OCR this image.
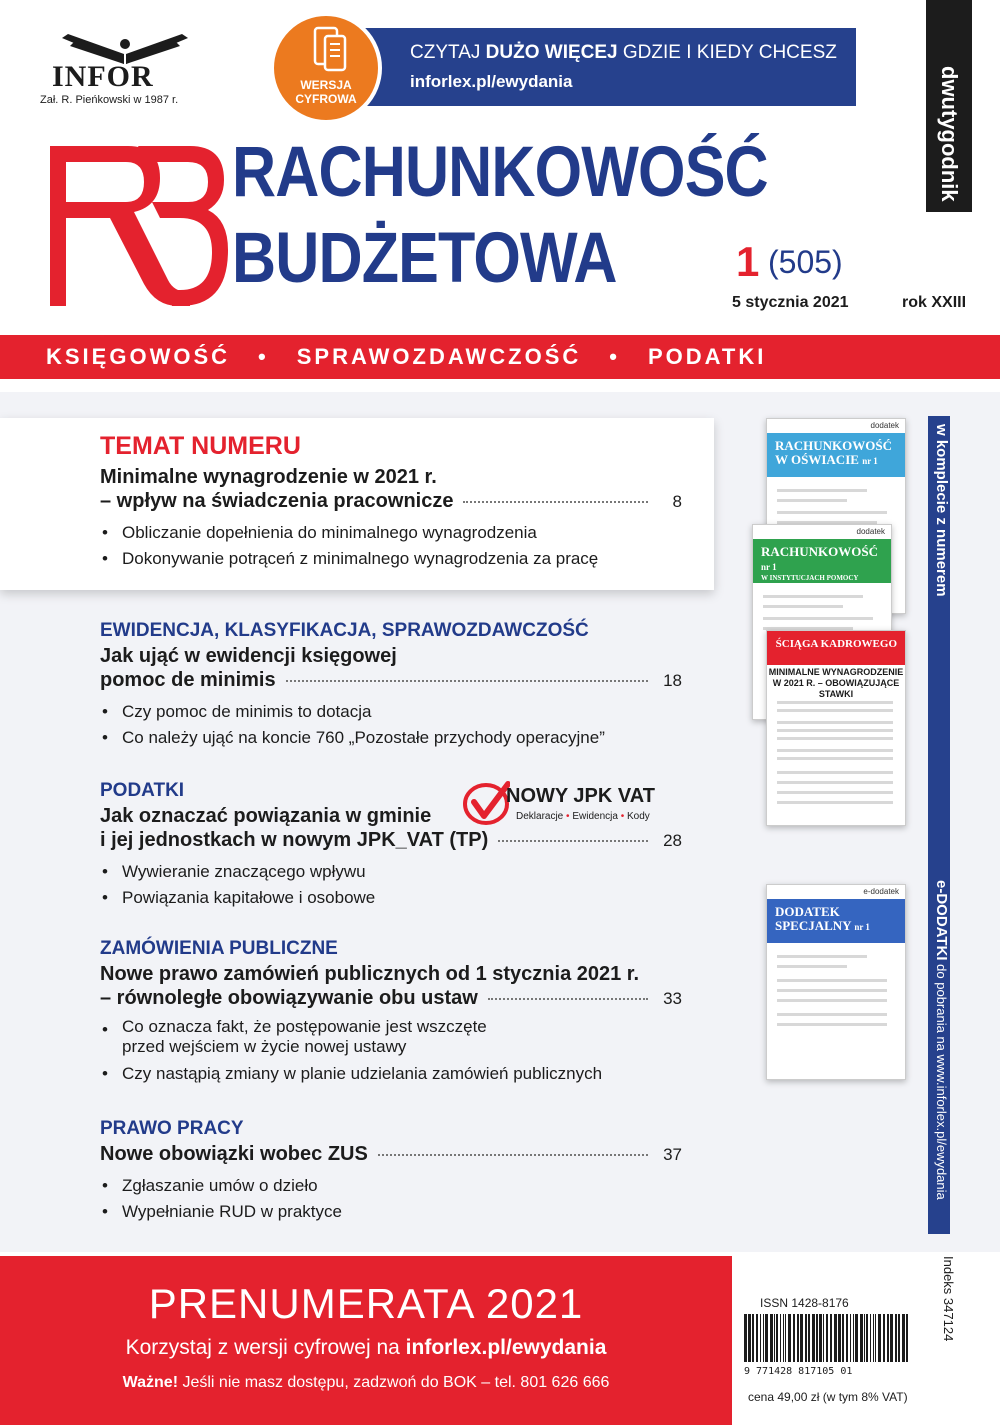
INFOR
Zał. R. Pieńkowski w 1987 r.
CZYTAJ DUŻO WIĘCEJ GDZIE I KIEDY CHCESZ
inforlex.pl/ewydania
WERSJA
CYFROWA
RACHUNKOWOŚĆ
BUDŻETOWA	1 (505)
5 stycznia 2021	rok XXIII
dwutygodnik
KSIĘGOWOŚĆ • SPRAWOZDAWCZOŚĆ • PODATKI
TEMAT NUMERU
Minimalne wynagrodzenie w 2021 r.
– wpływ na świadczenia pracownicze	8
• Obliczanie dopełnienia do minimalnego wynagrodzenia
• Dokonywanie potrąceń z minimalnego wynagrodzenia za pracę
EWIDENCJA, KLASYFIKACJA, SPRAWOZDAWCZOŚĆ
Jak ująć w ewidencji księgowej
pomoc de minimis	18
• Czy pomoc de minimis to dotacja
• Co należy ująć na koncie 760 „Pozostałe przychody operacyjne”
PODATKI
Jak oznaczać powiązania w gminie
i jej jednostkach w nowym JPK_VAT (TP)	28
• Wywieranie znaczącego wpływu
• Powiązania kapitałowe i osobowe
NOWY JPK VAT
Deklaracje • Ewidencja • Kody
ZAMÓWIENIA PUBLICZNE
Nowe prawo zamówień publicznych od 1 stycznia 2021 r.
– równoległe obowiązywanie obu ustaw	33
• Co oznacza fakt, że postępowanie jest wszczęte
przed wejściem w życie nowej ustawy
• Czy nastąpią zmiany w planie udzielania zamówień publicznych
PRAWO PRACY
Nowe obowiązki wobec ZUS	37
• Zgłaszanie umów o dzieło
• Wypełnianie RUD w praktyce
w komplecie z numerem
e-DODATKI do pobrania na www.inforlex.pl/ewydania
dodatek
RACHUNKOWOŚĆ W OŚWIACIE nr 1
dodatek
RACHUNKOWOŚĆ nr 1
W INSTYTUCJACH POMOCY SPOŁECZNEJ
ŚCIĄGA KADROWEGO
MINIMALNE WYNAGRODZENIE W 2021 R. – OBOWIĄZUJĄCE STAWKI
e-dodatek
DODATEK SPECJALNY nr 1
PRENUMERATA 2021
Korzystaj z wersji cyfrowej na inforlex.pl/ewydania
Ważne! Jeśli nie masz dostępu, zadzwoń do BOK – tel. 801 626 666
ISSN 1428-8176
9 771428 817105 01
cena 49,00 zł (w tym 8% VAT)
Indeks 347124
